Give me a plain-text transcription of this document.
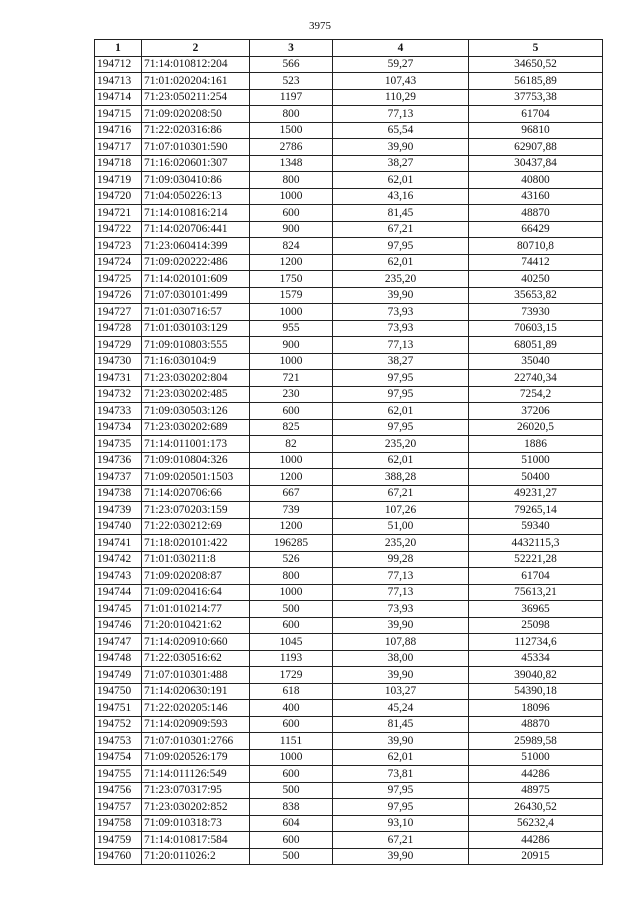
3975
1	2	3	4	5
194712	71:14:010812:204	566	59,27	34650,52
194713	71:01:020204:161	523	107,43	56185,89
194714	71:23:050211:254	1197	110,29	37753,38
194715	71:09:020208:50	800	77,13	61704
194716	71:22:020316:86	1500	65,54	96810
194717	71:07:010301:590	2786	39,90	62907,88
194718	71:16:020601:307	1348	38,27	30437,84
194719	71:09:030410:86	800	62,01	40800
194720	71:04:050226:13	1000	43,16	43160
194721	71:14:010816:214	600	81,45	48870
194722	71:14:020706:441	900	67,21	66429
194723	71:23:060414:399	824	97,95	80710,8
194724	71:09:020222:486	1200	62,01	74412
194725	71:14:020101:609	1750	235,20	40250
194726	71:07:030101:499	1579	39,90	35653,82
194727	71:01:030716:57	1000	73,93	73930
194728	71:01:030103:129	955	73,93	70603,15
194729	71:09:010803:555	900	77,13	68051,89
194730	71:16:030104:9	1000	38,27	35040
194731	71:23:030202:804	721	97,95	22740,34
194732	71:23:030202:485	230	97,95	7254,2
194733	71:09:030503:126	600	62,01	37206
194734	71:23:030202:689	825	97,95	26020,5
194735	71:14:011001:173	82	235,20	1886
194736	71:09:010804:326	1000	62,01	51000
194737	71:09:020501:1503	1200	388,28	50400
194738	71:14:020706:66	667	67,21	49231,27
194739	71:23:070203:159	739	107,26	79265,14
194740	71:22:030212:69	1200	51,00	59340
194741	71:18:020101:422	196285	235,20	4432115,3
194742	71:01:030211:8	526	99,28	52221,28
194743	71:09:020208:87	800	77,13	61704
194744	71:09:020416:64	1000	77,13	75613,21
194745	71:01:010214:77	500	73,93	36965
194746	71:20:010421:62	600	39,90	25098
194747	71:14:020910:660	1045	107,88	112734,6
194748	71:22:030516:62	1193	38,00	45334
194749	71:07:010301:488	1729	39,90	39040,82
194750	71:14:020630:191	618	103,27	54390,18
194751	71:22:020205:146	400	45,24	18096
194752	71:14:020909:593	600	81,45	48870
194753	71:07:010301:2766	1151	39,90	25989,58
194754	71:09:020526:179	1000	62,01	51000
194755	71:14:011126:549	600	73,81	44286
194756	71:23:070317:95	500	97,95	48975
194757	71:23:030202:852	838	97,95	26430,52
194758	71:09:010318:73	604	93,10	56232,4
194759	71:14:010817:584	600	67,21	44286
194760	71:20:011026:2	500	39,90	20915
